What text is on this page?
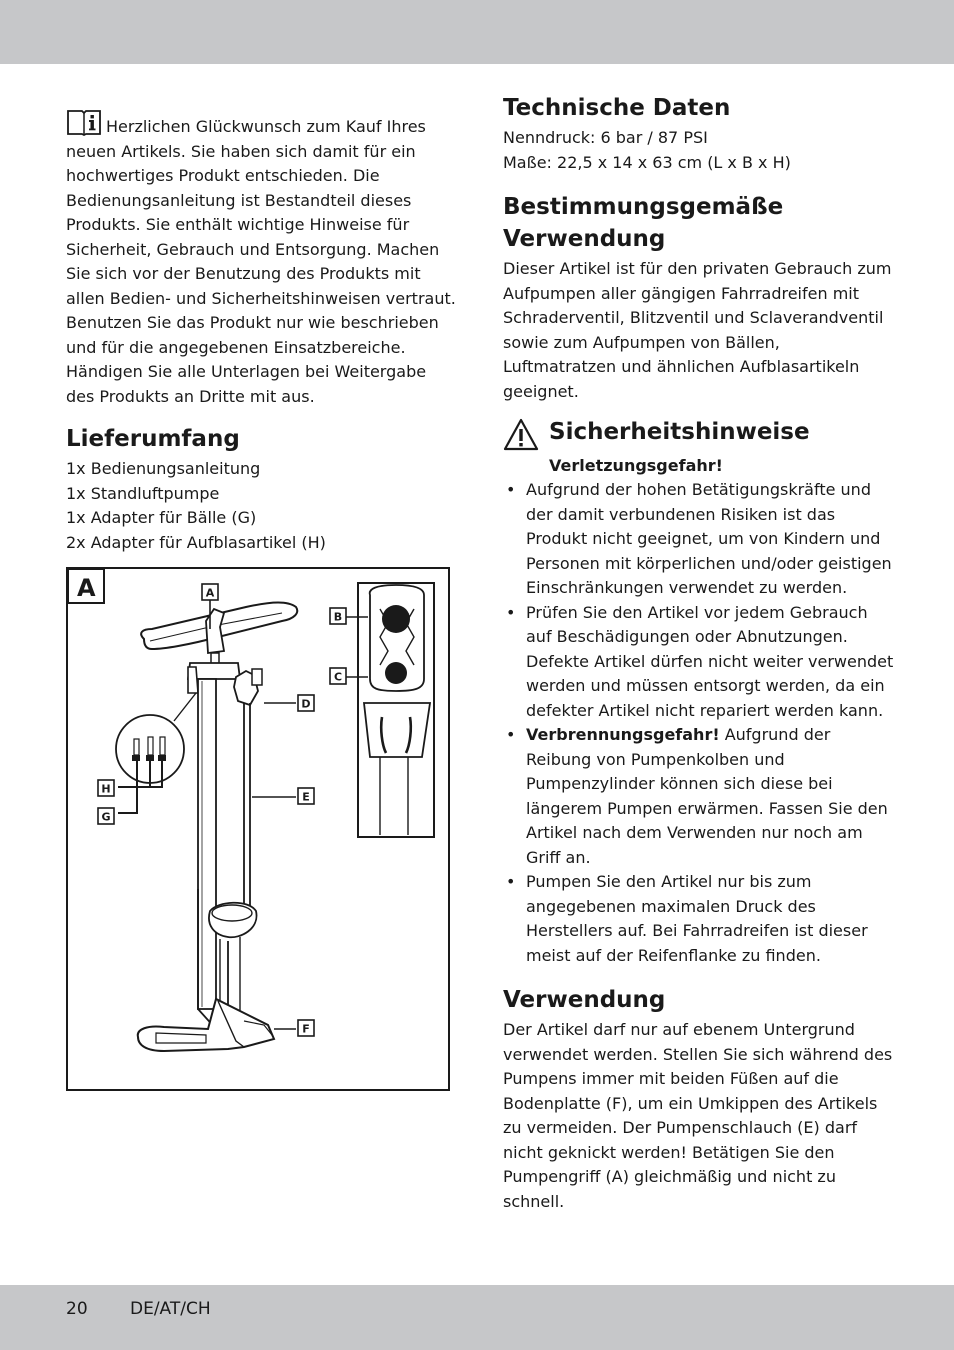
Herzlichen Glückwunsch zum Kauf Ihres neuen Artikels. Sie haben sich damit für ein hochwertiges Produkt entschieden. Die Bedienungsanleitung ist Bestandteil dieses Produkts. Sie enthält wichtige Hinweise für Sicherheit, Gebrauch und Entsorgung. Machen Sie sich vor der Benutzung des Produkts mit allen Bedien- und Sicherheitshinweisen vertraut. Benutzen Sie das Produkt nur wie beschrieben und für die angegebenen Einsatzbereiche. Händigen Sie alle Unterlagen bei Weitergabe des Produkts an Dritte mit aus.

Lieferumfang
1x Bedienungsanleitung
1x Standluftpumpe
1x Adapter für Bälle (G)
2x Adapter für Aufblasartikel (H)
A	A
B
C
D
E
F
G
H
Technische Daten
Nenndruck: 6 bar / 87 PSI
Maße: 22,5 x 14 x 63 cm (L x B x H)
Bestimmungsgemäße Verwendung

Dieser Artikel ist für den privaten Gebrauch zum Aufpumpen aller gängigen Fahrradreifen mit Schraderventil, Blitzventil und Sclaverandventil sowie zum Aufpumpen von Bällen, Luftmatratzen und ähnlichen Aufblasartikeln geeignet.

Sicherheitshinweise
Verletzungsgefahr!
• Aufgrund der hohen Betätigungskräfte und der damit verbundenen Risiken ist das Produkt nicht geeignet, um von Kindern und Personen mit körperlichen und/oder geistigen Einschränkungen verwendet zu werden.
• Prüfen Sie den Artikel vor jedem Gebrauch auf Beschädigungen oder Abnutzungen. Defekte Artikel dürfen nicht weiter verwendet werden und müssen entsorgt werden, da ein defekter Artikel nicht repariert werden kann.
• Verbrennungsgefahr! Aufgrund der Reibung von Pumpenkolben und Pumpenzylinder können sich diese bei längerem Pumpen erwärmen. Fassen Sie den Artikel nach dem Verwenden nur noch am Griff an.
• Pumpen Sie den Artikel nur bis zum angegebenen maximalen Druck des Herstellers auf. Bei Fahrradreifen ist dieser meist auf der Reifenflanke zu finden.
Verwendung

Der Artikel darf nur auf ebenem Untergrund verwendet werden. Stellen Sie sich während des Pumpens immer mit beiden Füßen auf die Bodenplatte (F), um ein Umkippen des Artikels zu vermeiden. Der Pumpenschlauch (E) darf nicht geknickt werden! Betätigen Sie den Pumpengriff (A) gleichmäßig und nicht zu schnell.

20 DE/AT/CH
